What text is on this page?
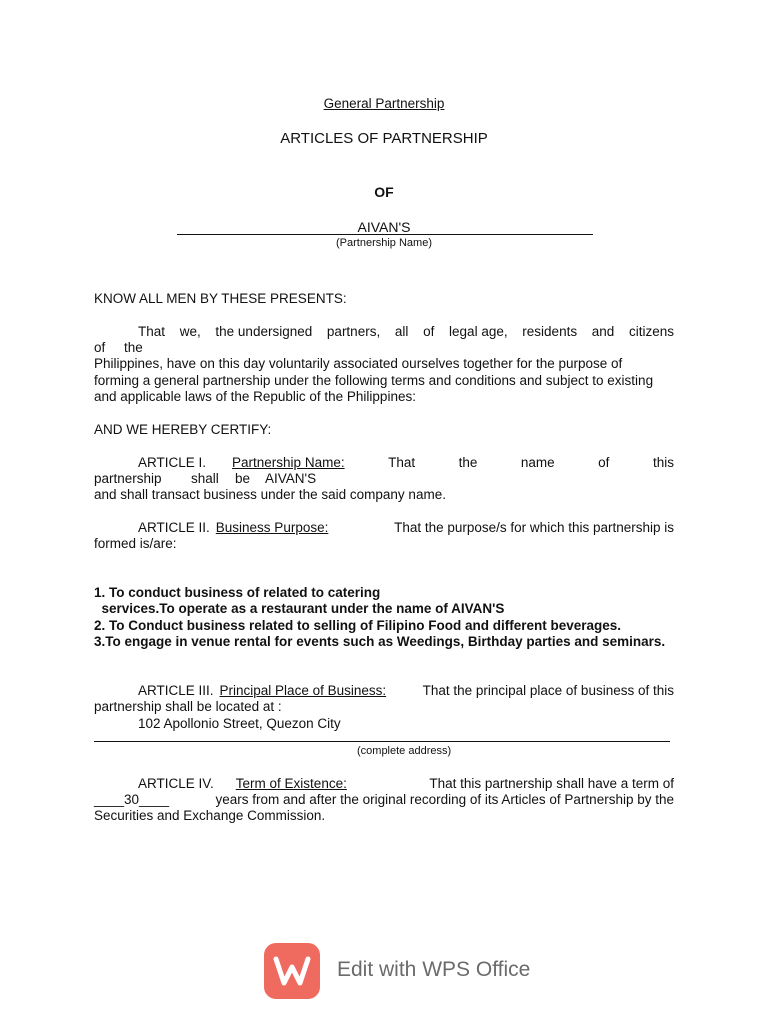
General Partnership
ARTICLES OF PARTNERSHIP
OF
AIVAN'S
(Partnership Name)
KNOW ALL MEN BY THESE PRESENTS:
That we, the undersigned partners, all of legal age, residents and citizens
of     the
Philippines, have on this day voluntarily associated ourselves together for the purpose of
forming a general partnership under the following terms and conditions and subject to existing
and applicable laws of the Republic of the Philippines:
AND WE HEREBY CERTIFY:
ARTICLE I. Partnership Name:	That	the	name	of	this
partnership	shall	be	AIVAN'S
and shall transact business under the said company name.
ARTICLE II. Business Purpose:	That the purpose/s for which this partnership is
formed is/are:
1. To conduct business of related to catering
services.To operate as a restaurant under the name of AIVAN'S
2. To Conduct business related to selling of Filipino Food and different beverages.
3.To engage in venue rental for events such as Weedings, Birthday parties and seminars.
ARTICLE III. Principal Place of Business:	That the principal place of business of this
partnership shall be located at :
102 Apollonio Street, Quezon City
(complete address)
ARTICLE IV. Term of Existence:	That this partnership shall have a term of
____30____	years from and after the original recording of its Articles of Partnership by the
Securities and Exchange Commission.
Edit with WPS Office
